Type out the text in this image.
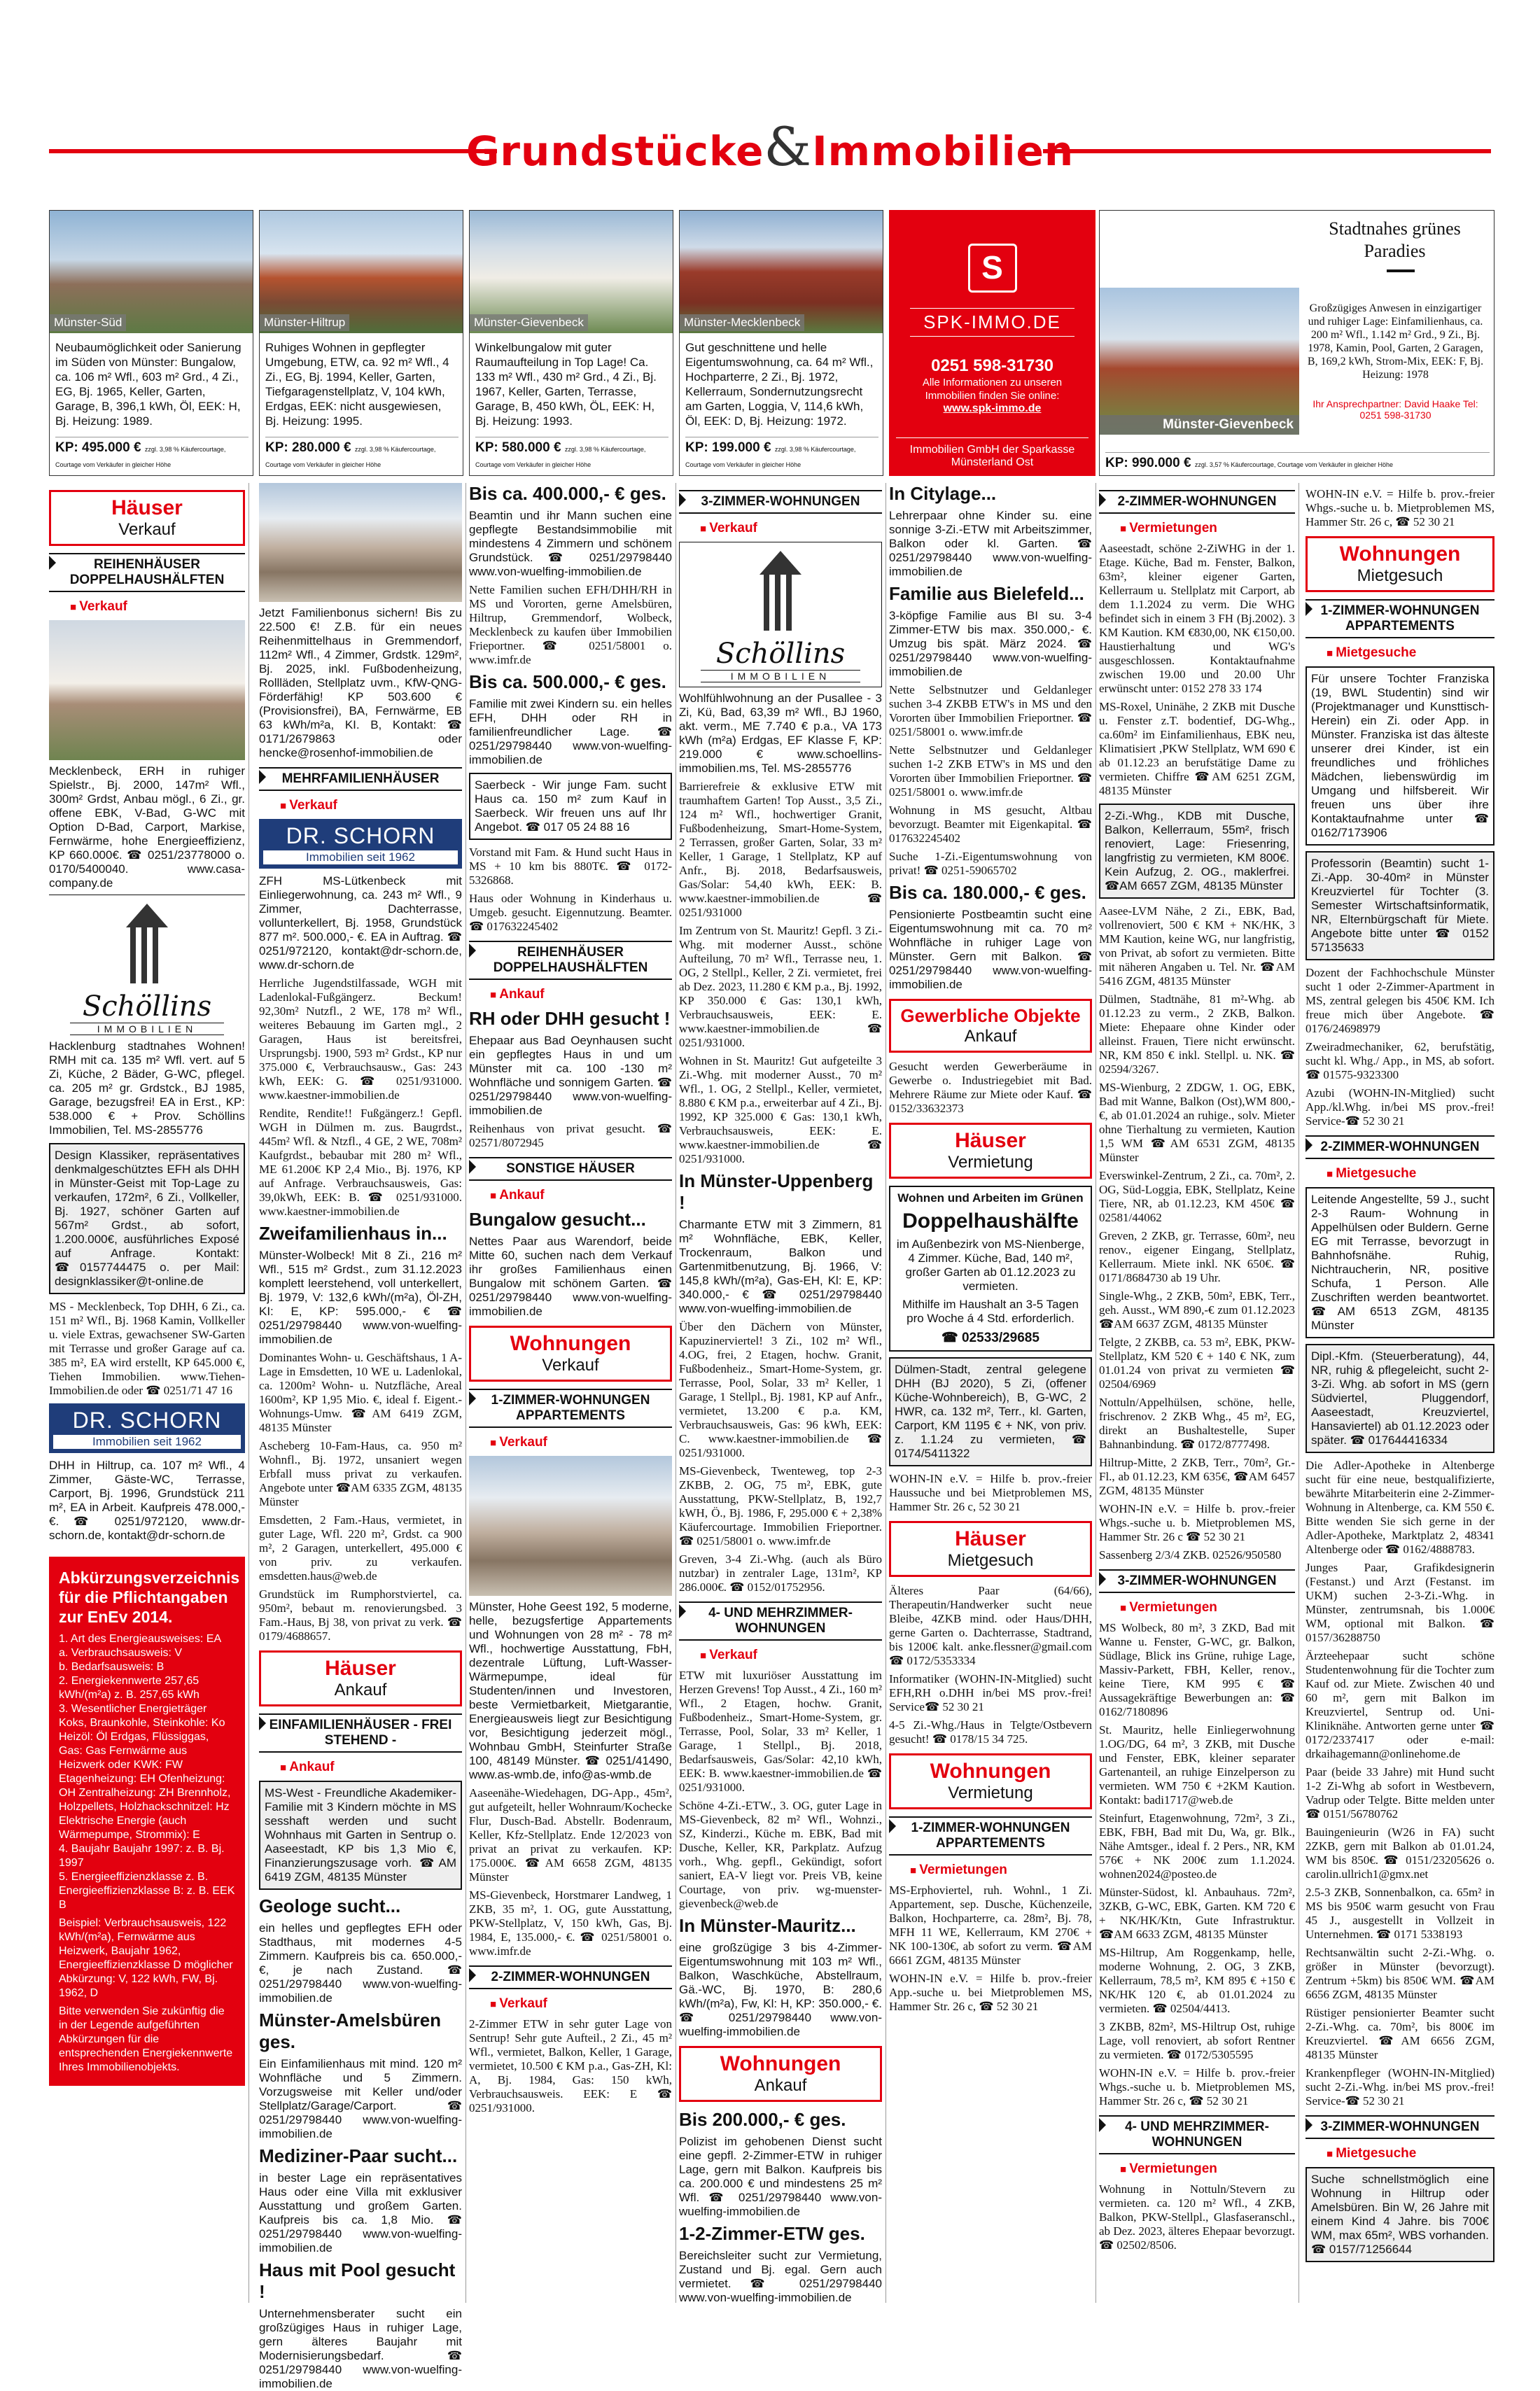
Grundstücke&Immobilien
Münster-Süd
Neubaumöglichkeit oder Sanierung im Süden von Münster: Bungalow, ca. 106 m² Wfl., 603 m² Grd., 4 Zi., EG, Bj. 1965, Keller, Garten, Garage, B, 396,1 kWh, Öl, EEK: H, Bj. Heizung: 1989.
KP: 495.000 € zzgl. 3,98 % Käufercourtage, Courtage vom Verkäufer in gleicher Höhe
Münster-Hiltrup
Ruhiges Wohnen in gepflegter Umgebung, ETW, ca. 92 m² Wfl., 4 Zi., EG, Bj. 1994, Keller, Garten, Tiefgaragenstellplatz, V, 104 kWh, Erdgas, EEK: nicht ausgewiesen, Bj. Heizung: 1995.
KP: 280.000 € zzgl. 3,98 % Käufercourtage, Courtage vom Verkäufer in gleicher Höhe
Münster-Gievenbeck
Winkelbungalow mit guter Raumaufteilung in Top Lage! Ca. 133 m² Wfl., 430 m² Grd., 4 Zi., Bj. 1967, Keller, Garten, Terrasse, Garage, B, 450 kWh, ÖL, EEK: H, Bj. Heizung: 1993.
KP: 580.000 € zzgl. 3,98 % Käufercourtage, Courtage vom Verkäufer in gleicher Höhe
Münster-Mecklenbeck
Gut geschnittene und helle Eigentumswohnung, ca. 64 m² Wfl., Hochparterre, 2 Zi., Bj. 1972, Kellerraum, Sondernutzungsrecht am Garten, Loggia, V, 114,6 kWh, Öl, EEK: D, Bj. Heizung: 1972.
KP: 199.000 € zzgl. 3,98 % Käufercourtage, Courtage vom Verkäufer in gleicher Höhe
S
SPK-IMMO.DE
0251 598-31730
Alle Informationen zu unseren Immobilien finden Sie online:
www.spk-immo.de
Immobilien GmbH der Sparkasse Münsterland Ost
Stadtnahes grünes Paradies
Münster-Gievenbeck
Großzügiges Anwesen in einzigartiger und ruhiger Lage: Einfamilienhaus, ca. 200 m² Wfl., 1.142 m² Grd., 9 Zi., Bj. 1978, Kamin, Pool, Garten, 2 Garagen, B, 169,2 kWh, Strom-Mix, EEK: F, Bj. Heizung: 1978
Ihr Ansprechpartner: David Haake Tel: 0251 598-31730
KP: 990.000 € zzgl. 3,57 % Käufercourtage, Courtage vom Verkäufer in gleicher Höhe
Häuser
Verkauf
REIHENHÄUSER DOPPELHAUSHÄLFTEN
■ Verkauf
Mecklenbeck, ERH in ruhiger Spielstr., Bj. 2000, 147m² Wfl., 300m² Grdst, Anbau mögl., 6 Zi., gr. offene EBK, V-Bad, G-WC mit Option D-Bad, Carport, Markise, Fernwärme, hohe Energieeffizienz, KP 660.000€. ☎ 0251/23778000 o. 0170/5400040. www.casa-company.de
Schöllins
IMMOBILIEN
Hacklenburg stadtnahes Wohnen! RMH mit ca. 135 m² Wfl. vert. auf 5 Zi, Küche, 2 Bäder, G-WC, pflegel. ca. 205 m² gr. Grdstck., BJ 1985, Garage, bezugsfrei! EA in Erst., KP: 538.000 € + Prov. Schöllins Immobilien, Tel. MS-2855776
Design Klassiker, repräsentatives denkmalgeschütztes EFH als DHH in Münster-Geist mit Top-Lage zu verkaufen, 172m², 6 Zi., Vollkeller, Bj. 1927, schöner Garten auf 567m² Grdst., ab sofort, 1.200.000€, ausführliches Exposé auf Anfrage. Kontakt: ☎0157744475 o. per Mail: designklassiker@t-online.de
MS - Mecklenbeck, Top DHH, 6 Zi., ca. 151 m² Wfl., Bj. 1968 Kamin, Vollkeller u. viele Extras, gewachsener SW-Garten mit Terrasse und großer Garage auf ca. 385 m², EA wird erstellt, KP 645.000 €, Tiehen Immobilien. www.Tiehen-Immobilien.de oder ☎ 0251/71 47 16
DR. SCHORN
Immobilien seit 1962
DHH in Hiltrup, ca. 107 m² Wfl., 4 Zimmer, Gäste-WC, Terrasse, Carport, Bj. 1996, Grundstück 211 m², EA in Arbeit. Kaufpreis 478.000,- €. ☎ 0251/972120, www.dr-schorn.de, kontakt@dr-schorn.de
Abkürzungsverzeichnis für die Pflichtangaben zur EnEv 2014.
1. Art des Energieausweises: EA
a. Verbrauchsausweis: V
b. Bedarfsausweis: B
2. Energiekennwerte 257,65 kWh/(m²a) z. B. 257,65 kWh
3. Wesentlicher Energieträger Koks, Braunkohle, Steinkohle: Ko Heizöl: Öl Erdgas, Flüssiggas, Gas: Gas Fernwärme aus Heizwerk oder KWK: FW Etagenheizung: EH Ofenheizung: OH Zentralheizung: ZH Brennholz, Holzpellets, Holzhackschnitzel: Hz Elektrische Energie (auch Wärmepumpe, Strommix): E
4. Baujahr Baujahr 1997: z. B. Bj. 1997
5. Energieeffizienzklasse z. B. Energieeffizienzklasse B: z. B. EEK B
Beispiel: Verbrauchsausweis, 122 kWh/(m²a), Fernwärme aus Heizwerk, Baujahr 1962, Energieeffizienzklasse D möglicher Abkürzung: V, 122 kWh, FW, Bj. 1962, D
Bitte verwenden Sie zukünftig die in der Legende aufgeführten Abkürzungen für die entsprechenden Energiekennwerte Ihres Immobilienobjekts.
Jetzt Familienbonus sichern! Bis zu 22.500 €! Z.B. für ein neues Reihenmittelhaus in Gremmendorf, 112m² Wfl., 4 Zimmer, Grdstk. 129m², Bj. 2025, inkl. Fußbodenheizung, Rollläden, Stellplatz uvm., KfW-QNG-Förderfähig! KP 503.600 € (Provisionsfrei), BA, Fernwärme, EB 63 kWh/m²a, KI. B, Kontakt: ☎ 0171/2679863 oder hencke@rosenhof-immobilien.de
MEHRFAMILIENHÄUSER
■ Verkauf
DR. SCHORN
Immobilien seit 1962
ZFH MS-Lütkenbeck mit Einliegerwohnung, ca. 243 m² Wfl., 9 Zimmer, Dachterrasse, vollunterkellert, Bj. 1958, Grundstück 877 m². 500.000,- €. EA in Auftrag. ☎ 0251/972120, kontakt@dr-schorn.de, www.dr-schorn.de
Herrliche Jugendstilfassade, WGH mit Ladenlokal-Fußgängerz. Beckum! 92,30m² Nutzfl., 2 WE, 178 m² Wfl., weiteres Bebauung im Garten mgl., 2 Garagen, Haus ist bereitsfrei, Ursprungsbj. 1900, 593 m² Grdst., KP nur 375.000 €, Verbrauchsausw., Gas: 243 kWh, EEK: G. ☎ 0251/931000. www.kaestner-immobilien.de
Rendite, Rendite!! Fußgängerz.! Gepfl. WGH in Dülmen m. zus. Baugrdst., 445m² Wfl. & Ntzfl., 4 GE, 2 WE, 708m² Kaufgrdst., bebaubar mit 280 m² Wfl., ME 61.200€ KP 2,4 Mio., Bj. 1976, KP auf Anfrage. Verbrauchsausweis, Gas: 39,0kWh, EEK: B. ☎ 0251/931000. www.kaestner-immobilien.de
Zweifamilienhaus in...
Münster-Wolbeck! Mit 8 Zi., 216 m² Wfl., 515 m² Grdst., zum 31.12.2023 komplett leerstehend, voll unterkellert, Bj. 1979, V: 132,6 kWh/(m²a), Öl-ZH, KI: E, KP: 595.000,- € ☎ 0251/29798440 www.von-wuelfing-immobilien.de
Dominantes Wohn- u. Geschäftshaus, 1 A-Lage in Emsdetten, 10 WE u. Ladenlokal, ca. 1200m² Wohn- u. Nutzfläche, Areal 1600m², KP 1,95 Mio. €, ideal f. Eigent.-Wohnungs-Umw. ☎AM 6419 ZGM, 48135 Münster
Ascheberg 10-Fam-Haus, ca. 950 m² Wohnfl., Bj. 1972, unsaniert wegen Erbfall muss privat zu verkaufen. Angebote unter ☎AM 6335 ZGM, 48135 Münster
Emsdetten, 2 Fam.-Haus, vermietet, in guter Lage, Wfl. 220 m², Grdst. ca 900 m², 2 Garagen, unterkellert, 495.000 € von priv. zu verkaufen. emsdetten.haus@web.de
Grundstück im Rumphorstviertel, ca. 950m², bebaut m. renovierungsbed. 3 Fam.-Haus, Bj 38, von privat zu verk. ☎ 0179/4688657.
Häuser
Ankauf
EINFAMILIENHÄUSER - FREI STEHEND -
■ Ankauf
MS-West - Freundliche Akademiker-Familie mit 3 Kindern möchte in MS sesshaft werden und sucht Wohnhaus mit Garten in Sentrup o. Aaseestadt, KP bis 1,3 Mio €, Finanzierungszusage vorh. ☎AM 6419 ZGM, 48135 Münster
Geologe sucht...
ein helles und gepflegtes EFH oder Stadthaus, mit modernes 4-5 Zimmern. Kaufpreis bis ca. 650.000,- €, je nach Zustand. ☎ 0251/29798440 www.von-wuelfing-immobilien.de
Münster-Amelsbüren ges.
Ein Einfamilienhaus mit mind. 120 m² Wohnfläche und 5 Zimmern. Vorzugsweise mit Keller und/oder Stellplatz/Garage/Carport. ☎ 0251/29798440 www.von-wuelfing-immobilien.de
Mediziner-Paar sucht...
in bester Lage ein repräsentatives Haus oder eine Villa mit exklusiver Ausstattung und großem Garten. Kaufpreis bis ca. 1,8 Mio. ☎ 0251/29798440 www.von-wuelfing-immobilien.de
Haus mit Pool gesucht !
Unternehmensberater sucht ein großzügiges Haus in ruhiger Lage, gern älteres Baujahr mit Modernisierungsbedarf. ☎ 0251/29798440 www.von-wuelfing-immobilien.de
Bis ca. 400.000,- € ges.
Beamtin und ihr Mann suchen eine gepflegte Bestandsimmobilie mit mindestens 4 Zimmern und schönem Grundstück. ☎ 0251/29798440 www.von-wuelfing-immobilien.de
Nette Familien suchen EFH/DHH/RH in MS und Vororten, gerne Amelsbüren, Hiltrup, Gremmendorf, Wolbeck, Mecklenbeck zu kaufen über Immobilien Frieportner. ☎ 0251/58001 o. www.imfr.de
Bis ca. 500.000,- € ges.
Familie mit zwei Kindern su. ein helles EFH, DHH oder RH in familienfreundlicher Lage. ☎ 0251/29798440 www.von-wuelfing-immobilien.de
Saerbeck - Wir junge Fam. sucht Haus ca. 150 m² zum Kauf in Saerbeck. Wir freuen uns auf Ihr Angebot. ☎ 017 05 24 88 16
Vorstand mit Fam. & Hund sucht Haus in MS + 10 km bis 880T€. ☎ 0172-5326868.
Haus oder Wohnung in Kinderhaus u. Umgeb. gesucht. Eigennutzung. Beamter. ☎ 017632245402
REIHENHÄUSER DOPPELHAUSHÄLFTEN
■ Ankauf
RH oder DHH gesucht !
Ehepaar aus Bad Oeynhausen sucht ein gepflegtes Haus in und um Münster mit ca. 100 -130 m² Wohnfläche und sonnigem Garten. ☎ 0251/29798440 www.von-wuelfing-immobilien.de
Reihenhaus von privat gesucht. ☎ 02571/8072945
SONSTIGE HÄUSER
■ Ankauf
Bungalow gesucht...
Nettes Paar aus Warendorf, beide Mitte 60, suchen nach dem Verkauf ihr großes Familienhaus einen Bungalow mit schönem Garten. ☎ 0251/29798440 www.von-wuelfing-immobilien.de
Wohnungen
Verkauf
1-ZIMMER-WOHNUNGEN APPARTEMENTS
■ Verkauf
Münster, Hohe Geest 192, 5 moderne, helle, bezugsfertige Appartements und Wohnungen von 28 m² - 78 m² Wfl., hochwertige Ausstattung, FbH, dezentrale Lüftung, Luft-Wasser-Wärmepumpe, ideal für Studenten/innen und Investoren, beste Vermietbarkeit, Mietgarantie, Energieausweis liegt zur Besichtigung vor, Besichtigung jederzeit mögl., Wohnbau GmbH, Steinfurter Straße 100, 48149 Münster. ☎ 0251/41490, www.as-wmb.de, info@as-wmb.de
Aaseenähe-Wiedehagen, DG-App., 45m², gut aufgeteilt, heller Wohnraum/Kochecke Flur, Dusch-Bad. Abstellr. Bodenraum, Keller, Kfz-Stellplatz. Ende 12/2023 von privat an privat zu verkaufen. KP: 175.000€. ☎AM 6658 ZGM, 48135 Münster
MS-Gievenbeck, Horstmarer Landweg, 1 ZKB, 35 m², 1. OG, gute Ausstattung, PKW-Stellplatz, V, 150 kWh, Gas, Bj. 1984, E, 135.000,- €. ☎ 0251/58001 o. www.imfr.de
2-ZIMMER-WOHNUNGEN
■ Verkauf
2-Zimmer ETW in sehr guter Lage von Sentrup! Sehr gute Aufteil., 2 Zi., 45 m² Wfl., vermietet, Balkon, Keller, 1 Garage, vermietet, 10.500 € KM p.a., Gas-ZH, Kl: A, Bj. 1984, Gas: 150 kWh, Verbrauchsausweis. EEK: E ☎ 0251/931000.
3-ZIMMER-WOHNUNGEN
■ Verkauf
Schöllins
IMMOBILIEN
Wohlfühlwohnung an der Pusallee - 3 Zi, Kü, Bad, 63,39 m² Wfl., BJ 1960, akt. verm., ME 7.740 € p.a., VA 173 kWh (m²a) Erdgas, EF Klasse F, KP: 219.000 € www.schoellins-immobilien.ms, Tel. MS-2855776
Barrierefreie & exklusive ETW mit traumhaftem Garten! Top Ausst., 3,5 Zi., 124 m² Wfl., hochwertiger Granit, Fußbodenheizung, Smart-Home-System, 2 Terrassen, großer Garten, Solar, 33 m² Keller, 1 Garage, 1 Stellplatz, KP auf Anfr., Bj. 2018, Bedarfsausweis, Gas/Solar: 54,40 kWh, EEK: B. www.kaestner-immobilien.de ☎ 0251/931000
Im Zentrum von St. Mauritz! Gepfl. 3 Zi.-Whg. mit moderner Ausst., schöne Aufteilung, 70 m² Wfl., Terrasse neu, 1. OG, 2 Stellpl., Keller, 2 Zi. vermietet, frei ab Dez. 2023, 11.280 € KM p.a., Bj. 1992, KP 350.000 € Gas: 130,1 kWh, Verbrauchsausweis, EEK: E. www.kaestner-immobilien.de ☎ 0251/931000.
Wohnen in St. Mauritz! Gut aufgeteilte 3 Zi.-Whg. mit moderner Ausst., 70 m² Wfl., 1. OG, 2 Stellpl., Keller, vermietet, 8.880 € KM p.a., erweiterbar auf 4 Zi., Bj. 1992, KP 325.000 € Gas: 130,1 kWh, Verbrauchsausweis, EEK: E. www.kaestner-immobilien.de ☎ 0251/931000.
In Münster-Uppenberg !
Charmante ETW mit 3 Zimmern, 81 m² Wohnfläche, EBK, Keller, Trockenraum, Balkon und Gartenmitbenutzung, Bj. 1966, V: 145,8 kWh/(m²a), Gas-EH, Kl: E, KP: 340.000,- € ☎ 0251/29798440 www.von-wuelfing-immobilien.de
Über den Dächern von Münster, Kapuzinerviertel! 3 Zi., 102 m² Wfl., 4.OG, frei, 2 Etagen, hochw. Granit, Fußbodenheiz., Smart-Home-System, gr. Terrasse, Pool, Solar, 33 m² Keller, 1 Garage, 1 Stellpl., Bj. 1981, KP auf Anfr., vermietet, 13.200 € p.a. KM, Verbrauchsausweis, Gas: 96 kWh, EEK: C. www.kaestner-immobilien.de ☎ 0251/931000.
MS-Gievenbeck, Twenteweg, top 2-3 ZKBB, 2. OG, 75 m², EBK, gute Ausstattung, PKW-Stellplatz, B, 192,7 kWH, Ö., Bj. 1986, F, 295.000 € + 2,38% Käufercourtage. Immobilien Frieportner. ☎ 0251/58001 o. www.imfr.de
Greven, 3-4 Zi.-Whg. (auch als Büro nutzbar) in zentraler Lage, 131m², KP 286.000€. ☎ 0152/01752956.
4- UND MEHRZIMMER-WOHNUNGEN
■ Verkauf
ETW mit luxuriöser Ausstattung im Herzen Grevens! Top Ausst., 4 Zi., 160 m² Wfl., 2 Etagen, hochw. Granit, Fußbodenheiz., Smart-Home-System, gr. Terrasse, Pool, Solar, 33 m² Keller, 1 Garage, 1 Stellpl., Bj. 2018, Bedarfsausweis, Gas/Solar: 42,10 kWh, EEK: B. www.kaestner-immobilien.de ☎ 0251/931000.
Schöne 4-Zi.-ETW., 3. OG, guter Lage in MS-Gievenbeck, 82 m² Wfl., Wohnzi., SZ, Kinderzi., Küche m. EBK, Bad mit Dusche, Keller, KR, Parkplatz. Aufzug vorh., Whg. gepfl., Gekündigt, sofort saniert, EA-V liegt vor. Preis VB, keine Courtage, von priv. wg-muenster-gievenbeck@web.de
In Münster-Mauritz...
eine großzügige 3 bis 4-Zimmer-Eigentumswohnung mit 103 m² Wfl., Balkon, Waschküche, Abstellraum, Gä.-WC, Bj. 1970, B: 280,6 kWh/(m²a), Fw, Kl: H, KP: 350.000,- €. ☎ 0251/29798440 www.von-wuelfing-immobilien.de
Wohnungen
Ankauf
Bis 200.000,- € ges.
Polizist im gehobenen Dienst sucht eine gepfl. 2-Zimmer-ETW in ruhiger Lage, gern mit Balkon. Kaufpreis bis ca. 200.000 € und mindestens 25 m² Wfl. ☎ 0251/29798440 www.von-wuelfing-immobilien.de
1-2-Zimmer-ETW ges.
Bereichsleiter sucht zur Vermietung, Zustand und Bj. egal. Gern auch vermietet. ☎ 0251/29798440 www.von-wuelfing-immobilien.de
In Citylage...
Lehrerpaar ohne Kinder su. eine sonnige 3-Zi.-ETW mit Arbeitszimmer, Balkon oder kl. Garten. ☎ 0251/29798440 www.von-wuelfing-immobilien.de
Familie aus Bielefeld...
3-köpfige Familie aus BI su. 3-4 Zimmer-ETW bis max. 350.000,- €. Umzug bis spät. März 2024. ☎ 0251/29798440 www.von-wuelfing-immobilien.de
Nette Selbstnutzer und Geldanleger suchen 3-4 ZKBB ETW's in MS und den Vororten über Immobilien Frieportner. ☎ 0251/58001 o. www.imfr.de
Nette Selbstnutzer und Geldanleger suchen 1-2 ZKB ETW's in MS und den Vororten über Immobilien Frieportner. ☎ 0251/58001 o. www.imfr.de
Wohnung in MS gesucht, Altbau bevorzugt. Beamter mit Eigenkapital. ☎ 017632245402
Suche 1-Zi.-Eigentumswohnung von privat! ☎ 0251-59065702
Bis ca. 180.000,- € ges.
Pensionierte Postbeamtin sucht eine Eigentumswohnung mit ca. 70 m² Wohnfläche in ruhiger Lage von Münster. Gern mit Balkon. ☎ 0251/29798440 www.von-wuelfing-immobilien.de
Gewerbliche Objekte
Ankauf
Gesucht werden Gewerberäume in Gewerbe o. Industriegebiet mit Bad. Mehrere Räume zur Miete oder Kauf. ☎ 0152/33632373
Häuser
Vermietung
Wohnen und Arbeiten im Grünen
Doppelhaushälfte
im Außenbezirk von MS-Nienberge, 4 Zimmer. Küche, Bad, 140 m², großer Garten ab 01.12.2023 zu vermieten.
Mithilfe im Haushalt an 3-5 Tagen pro Woche á 4 Std. erforderlich.
☎ 02533/29685
Dülmen-Stadt, zentral gelegene DHH (BJ 2020), 5 Zi, (offener Küche-Wohnbereich), B, G-WC, 2 HWR, ca. 132 m², Terr., kl. Garten, Carport, KM 1195 € + NK, von priv. z. 1.1.24 zu vermieten, ☎ 0174/5411322
WOHN-IN e.V. = Hilfe b. prov.-freier Haussuche und bei Mietproblemen MS, Hammer Str. 26 c, 52 30 21
Häuser
Mietgesuch
Älteres Paar (64/66), Therapeutin/Handwerker sucht neue Bleibe, 4ZKB mind. oder Haus/DHH, gerne Garten o. Dachterrasse, Stadtrand, bis 1200€ kalt. anke.flessner@gmail.com ☎ 0172/5353334
Informatiker (WOHN-IN-Mitglied) sucht EFH,RH o.DHH in/bei MS prov.-frei! Service☎ 52 30 21
4-5 Zi.-Whg./Haus in Telgte/Ostbevern gesucht! ☎ 0178/15 34 725.
Wohnungen
Vermietung
1-ZIMMER-WOHNUNGEN APPARTEMENTS
■ Vermietungen
MS-Erphoviertel, ruh. Wohnl., 1 Zi. Appartement, sep. Dusche, Küchenzeile, Balkon, Hochparterre, ca. 28m², Bj. 78, MFH 11 WE, Kellerraum, KM 270€ + NK 100-130€, ab sofort zu verm. ☎AM 6661 ZGM, 48135 Münster
WOHN-IN e.V. = Hilfe b. prov.-freier App.-suche u. bei Mietproblemen MS, Hammer Str. 26 c, ☎ 52 30 21
2-ZIMMER-WOHNUNGEN
■ Vermietungen
Aaseestadt, schöne 2-ZiWHG in der 1. Etage. Küche, Bad m. Fenster, Balkon, 63m², kleiner eigener Garten, Kellerraum u. Stellplatz mit Carport, ab dem 1.1.2024 zu verm. Die WHG befindet sich in einem 3 FH (Bj.2002). 3 KM Kaution. KM €830,00, NK €150,00. Haustierhaltung und WG's ausgeschlossen. Kontaktaufnahme zwischen 19.00 und 20.00 Uhr erwünscht unter: 0152 278 33 174
MS-Roxel, Uninähe, 2 ZKB mit Dusche u. Fenster z.T. bodentief, DG-Whg., ca.60m² im Einfamilienhaus, EBK neu, Klimatisiert ,PKW Stellplatz, WM 690 € ab 01.12.23 an berufstätige Dame zu vermieten. Chiffre ☎AM 6251 ZGM, 48135 Münster
2-Zi.-Whg., KDB mit Dusche, Balkon, Kellerraum, 55m², frisch renoviert, Lage: Friesenring, langfristig zu vermieten, KM 800€. Kein Aufzug, 2. OG., maklerfrei. ☎AM 6657 ZGM, 48135 Münster
Aasee-LVM Nähe, 2 Zi., EBK, Bad, vollrenoviert, 500 € KM + NK/HK, 3 MM Kaution, keine WG, nur langfristig, von Privat, ab sofort zu vermieten. Bitte mit näheren Angaben u. Tel. Nr. ☎AM 5416 ZGM, 48135 Münster
Dülmen, Stadtnähe, 81 m²-Whg. ab 01.12.23 zu verm., 2 ZKB, Balkon. Miete: Ehepaare ohne Kinder oder alleinst. Frauen, Tiere nicht erwünscht. NR, KM 850 € inkl. Stellpl. u. NK. ☎ 02594/3267.
MS-Wienburg, 2 ZDGW, 1. OG, EBK, Bad mit Wanne, Balkon (Ost),WM 800,-€, ab 01.01.2024 an ruhige., solv. Mieter ohne Tierhaltung zu vermieten, Kaution 1,5 WM ☎AM 6531 ZGM, 48135 Münster
Everswinkel-Zentrum, 2 Zi., ca. 70m², 2. OG, Süd-Loggia, EBK, Stellplatz, Keine Tiere, NR, ab 01.12.23, KM 450€ ☎ 02581/44062
Greven, 2 ZKB, gr. Terrasse, 60m², neu renov., eigener Eingang, Stellplatz, Kellerraum. Miete inkl. NK 650€. ☎ 0171/8684730 ab 19 Uhr.
Single-Whg., 2 ZKB, 50m², EBK, Terr., geh. Ausst., WM 890,-€ zum 01.12.2023 ☎AM 6637 ZGM, 48135 Münster
Telgte, 2 ZKBB, ca. 53 m², EBK, PKW-Stellplatz, KM 520 € + 140 € NK, zum 01.01.24 von privat zu vermieten ☎ 02504/6969
Nottuln/Appelhülsen, schöne, helle, frischrenov. 2 ZKB Whg., 45 m², EG, direkt an Bushaltestelle, Super Bahnanbindung. ☎ 0172/8777498.
Hiltrup-Mitte, 2 ZKB, Terr., 70m², Gr.-Fl., ab 01.12.23, KM 635€, ☎AM 6457 ZGM, 48135 Münster
WOHN-IN e.V. = Hilfe b. prov.-freier Whgs.-suche u. b. Mietproblemen MS, Hammer Str. 26 c ☎ 52 30 21
Sassenberg 2/3/4 ZKB. 02526/950580
3-ZIMMER-WOHNUNGEN
■ Vermietungen
MS Wolbeck, 80 m², 3 ZKD, Bad mit Wanne u. Fenster, G-WC, gr. Balkon, Südlage, Blick ins Grüne, ruhige Lage, Massiv-Parkett, FBH, Keller, renov., keine Tiere, KM 995 € ☎ Aussagekräftige Bewerbungen an: ☎ 0162/7180896
St. Mauritz, helle Einliegerwohnung 1.OG/DG, 64 m², 3 ZKB, mit Dusche und Fenster, EBK, kleiner separater Gartenanteil, an ruhige Einzelperson zu vermieten. WM 750 € +2KM Kaution. Kontakt: badi1717@web.de
Steinfurt, Etagenwohnung, 72m², 3 Zi., EBK, FBH, Bad mit Du, Wa, gr. Blk., Nähe Amtsger., ideal f. 2 Pers., NR, KM 576€ + NK 200€ zum 1.1.2024. wohnen2024@posteo.de
Münster-Südost, kl. Anbauhaus. 72m², 3ZKB, G-WC, EBK, Garten. KM 720 € + NK/HK/Ktn, Gute Infrastruktur. ☎AM 6633 ZGM, 48135 Münster
MS-Hiltrup, Am Roggenkamp, helle, moderne Wohnung, 2. OG, 3 ZKB, Kellerraum, 78,5 m², KM 895 € +150 € NK/HK 120 €, ab 01.01.2024 zu vermieten. ☎ 02504/4413.
3 ZKBB, 82m², MS-Hiltrup Ost, ruhige Lage, voll renoviert, ab sofort Rentner zu vermieten. ☎ 0172/5305595
WOHN-IN e.V. = Hilfe b. prov.-freier Whgs.-suche u. b. Mietproblemen MS, Hammer Str. 26 c, ☎ 52 30 21
4- UND MEHRZIMMER-WOHNUNGEN
■ Vermietungen
Wohnung in Nottuln/Stevern zu vermieten. ca. 120 m² Wfl., 4 ZKB, Balkon, PKW-Stellpl., Glasfaseranschl., ab Dez. 2023, älteres Ehepaar bevorzugt. ☎ 02502/8506.
WOHN-IN e.V. = Hilfe b. prov.-freier Whgs.-suche u. b. Mietproblemen MS, Hammer Str. 26 c, ☎ 52 30 21
Wohnungen
Mietgesuch
1-ZIMMER-WOHNUNGEN APPARTEMENTS
■ Mietgesuche
Für unsere Tochter Franziska (19, BWL Studentin) sind wir (Projektmanager und Kunsttisch-Herein) ein Zi. oder App. in Münster. Franziska ist das älteste unserer drei Kinder, ist ein freundliches und fröhliches Mädchen, liebenswürdig im Umgang und hilfsbereit. Wir freuen uns über ihre Kontaktaufnahme unter ☎ 0162/7173906
Professorin (Beamtin) sucht 1-Zi.-App. 30-40m² in Münster Kreuzviertel für Tochter (3. Semester Wirtschaftsinformatik, NR, Elternbürgschaft für Miete. Angebote bitte unter ☎ 0152 57135633
Dozent der Fachhochschule Münster sucht 1 oder 2-Zimmer-Apartment in MS, zentral gelegen bis 450€ KM. Ich freue mich über Angebote. ☎ 0176/24698979
Zweiradmechaniker, 62, berufstätig, sucht kl. Whg./ App., in MS, ab sofort. ☎ 01575-9323300
Azubi (WOHN-IN-Mitglied) sucht App./kl.Whg. in/bei MS prov.-frei! Service-☎ 52 30 21
2-ZIMMER-WOHNUNGEN
■ Mietgesuche
Leitende Angestellte, 59 J., sucht 2-3 Raum- Wohnung in Appelhülsen oder Buldern. Gerne EG mit Terrasse, bevorzugt in Bahnhofsnähe. Ruhig, Nichtraucherin, NR, positive Schufa, 1 Person. Alle Zuschriften werden beantwortet. ☎AM 6513 ZGM, 48135 Münster
Dipl.-Kfm. (Steuerberatung), 44, NR, ruhig & pflegeleicht, sucht 2-3-Zi. Whg. ab sofort in MS (gern Südviertel, Pluggendorf, Aaseestadt, Kreuzviertel, Hansaviertel) ab 01.12.2023 oder später. ☎ 017644416334
Die Adler-Apotheke in Altenberge sucht für eine neue, bestqualifizierte, bewährte Mitarbeiterin eine 2-Zimmer-Wohnung in Altenberge, ca. KM 550 €. Bitte wenden Sie sich gerne in der Adler-Apotheke, Marktplatz 2, 48341 Altenberge oder ☎ 0162/4888783.
Junges Paar, Grafikdesignerin (Festanst.) und Arzt (Festanst. im UKM) suchen 2-3-Zi.-Whg. in Münster, zentrumsnah, bis 1.000€ WM, optional mit Balkon. ☎ 0157/36288750
Ärzteehepaar sucht schöne Studentenwohnung für die Tochter zum Kauf od. zur Miete. Zwischen 40 und 60 m², gern mit Balkon im Kreuzviertel, Sentrup od. Uni-Kliniknähe. Antworten gerne unter ☎ 0172/2337417 oder e-mail: drkaihagemann@onlinehome.de
Paar (beide 33 Jahre) mit Hund sucht 1-2 Zi-Whg ab sofort in Westbevern, Vadrup oder Telgte. Bitte melden unter ☎ 0151/56780762
Bauingenieurin (W26 in FA) sucht 2ZKB, gern mit Balkon ab 01.01.24, WM bis 850€. ☎ 0151/23205626 o. carolin.ullrich1@gmx.net
2.5-3 ZKB, Sonnenbalkon, ca. 65m² in MS bis 950€ warm gesucht von Frau 45 J., ausgestellt in Vollzeit in Unternehmen. ☎ 0171 5338193
Rechtsanwältin sucht 2-Zi.-Whg. o. größer in Münster (bevorzugt). Zentrum +5km) bis 850€ WM. ☎AM 6656 ZGM, 48135 Münster
Rüstiger pensionierter Beamter sucht 2-Zi.-Whg. ca. 70m², bis 800€ im Kreuzviertel. ☎AM 6656 ZGM, 48135 Münster
Krankenpfleger (WOHN-IN-Mitglied) sucht 2-Zi.-Whg. in/bei MS prov.-frei! Service-☎ 52 30 21
3-ZIMMER-WOHNUNGEN
■ Mietgesuche
Suche schnellstmöglich eine Wohnung in Hiltrup oder Amelsbüren. Bin W, 26 Jahre mit einem Kind 4 Jahre. bis 700€ WM, max 65m², WBS vorhanden. ☎ 0157/71256644
